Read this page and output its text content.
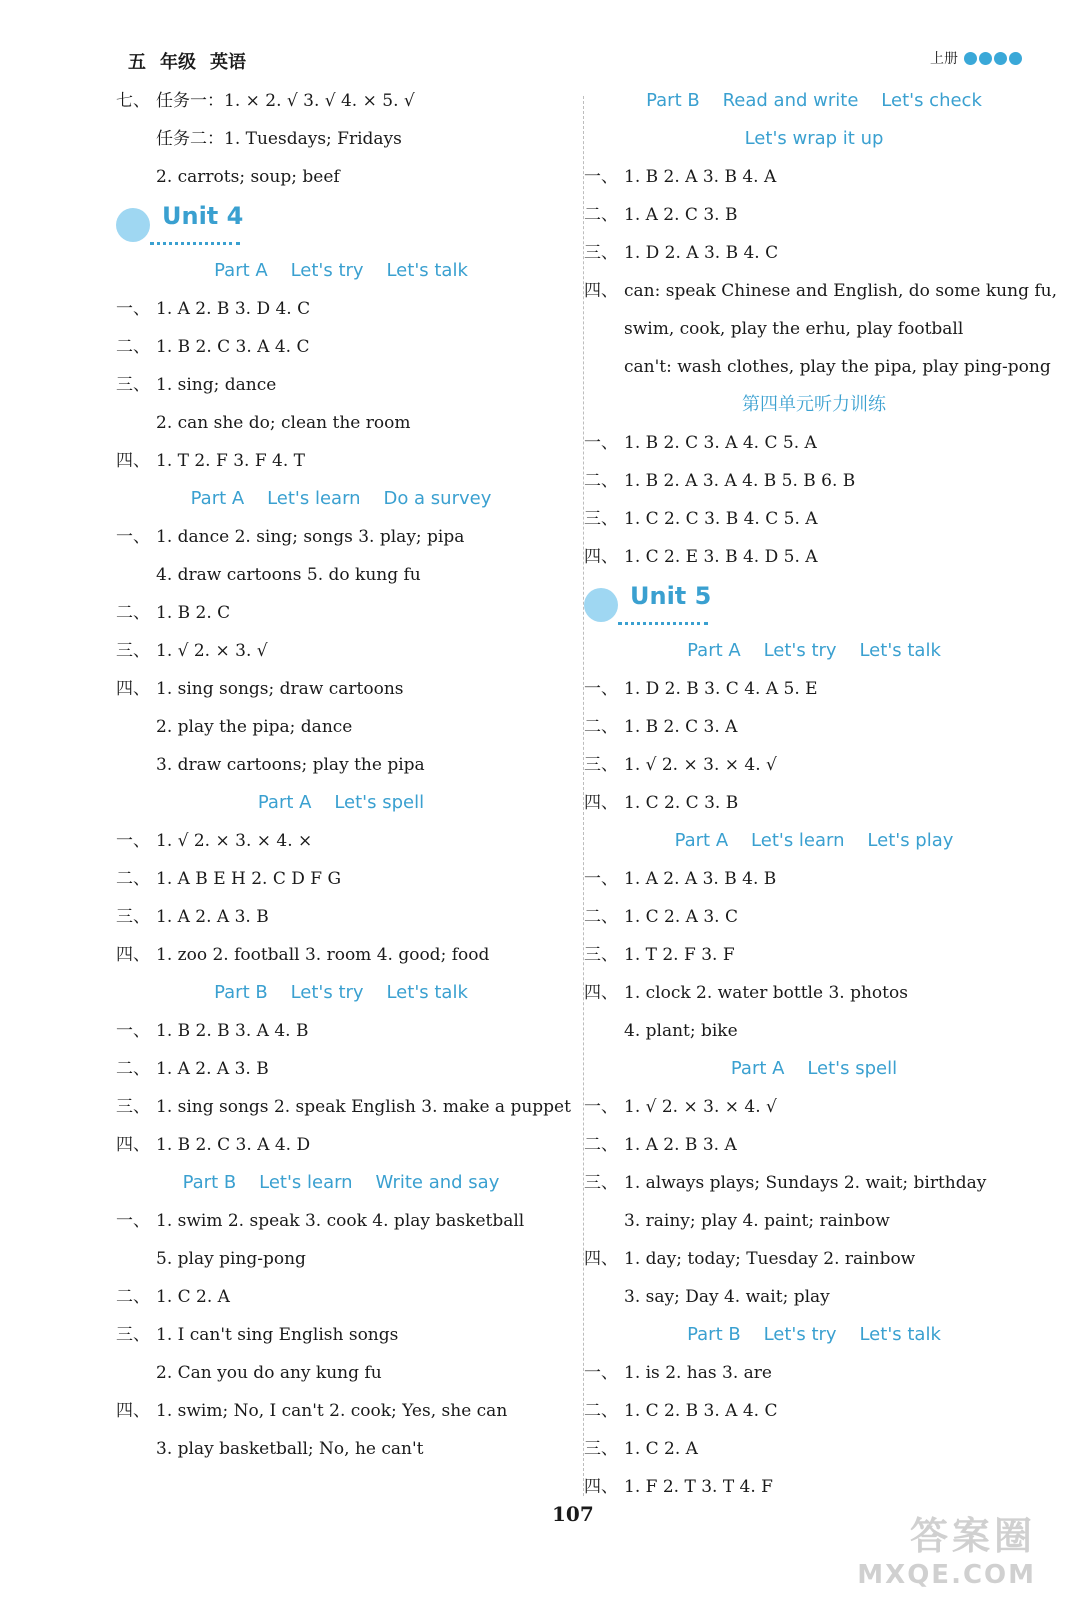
五 年级 英语	上册
七、 任务一：1. × 2. √ 3. √ 4. × 5. √
任务二：1. Tuesdays; Fridays
2. carrots; soup; beef
Unit 4
Part A    Let's try    Let's talk
一、 1. A 2. B 3. D 4. C
二、 1. B 2. C 3. A 4. C
三、 1. sing; dance
2. can she do; clean the room
四、 1. T 2. F 3. F 4. T
Part A    Let's learn    Do a survey
一、 1. dance 2. sing; songs 3. play; pipa
4. draw cartoons 5. do kung fu
二、 1. B 2. C
三、 1. √ 2. × 3. √
四、 1. sing songs; draw cartoons
2. play the pipa; dance
3. draw cartoons; play the pipa
Part A    Let's spell
一、 1. √ 2. × 3. × 4. ×
二、 1. A B E H 2. C D F G
三、 1. A 2. A 3. B
四、 1. zoo 2. football 3. room 4. good; food
Part B    Let's try    Let's talk
一、 1. B 2. B 3. A 4. B
二、 1. A 2. A 3. B
三、 1. sing songs 2. speak English 3. make a puppet
四、 1. B 2. C 3. A 4. D
Part B    Let's learn    Write and say
一、 1. swim 2. speak 3. cook 4. play basketball
5. play ping-pong
二、 1. C 2. A
三、 1. I can't sing English songs
2. Can you do any kung fu
四、 1. swim; No, I can't 2. cook; Yes, she can
3. play basketball; No, he can't
Part B    Read and write    Let's check
Let's wrap it up
一、 1. B 2. A 3. B 4. A
二、 1. A 2. C 3. B
三、 1. D 2. A 3. B 4. C
四、 can: speak Chinese and English, do some kung fu,
swim, cook, play the erhu, play football
can't: wash clothes, play the pipa, play ping-pong
第四单元听力训练
一、 1. B 2. C 3. A 4. C 5. A
二、 1. B 2. A 3. A 4. B 5. B 6. B
三、 1. C 2. C 3. B 4. C 5. A
四、 1. C 2. E 3. B 4. D 5. A
Unit 5
Part A    Let's try    Let's talk
一、 1. D 2. B 3. C 4. A 5. E
二、 1. B 2. C 3. A
三、 1. √ 2. × 3. × 4. √
四、 1. C 2. C 3. B
Part A    Let's learn    Let's play
一、 1. A 2. A 3. B 4. B
二、 1. C 2. A 3. C
三、 1. T 2. F 3. F
四、 1. clock 2. water bottle 3. photos
4. plant; bike
Part A    Let's spell
一、 1. √ 2. × 3. × 4. √
二、 1. A 2. B 3. A
三、 1. always plays; Sundays 2. wait; birthday
3. rainy; play 4. paint; rainbow
四、 1. day; today; Tuesday 2. rainbow
3. say; Day 4. wait; play
Part B    Let's try    Let's talk
一、 1. is 2. has 3. are
二、 1. C 2. B 3. A 4. C
三、 1. C 2. A
四、 1. F 2. T 3. T 4. F
107	答案圈
MXQE.COM
